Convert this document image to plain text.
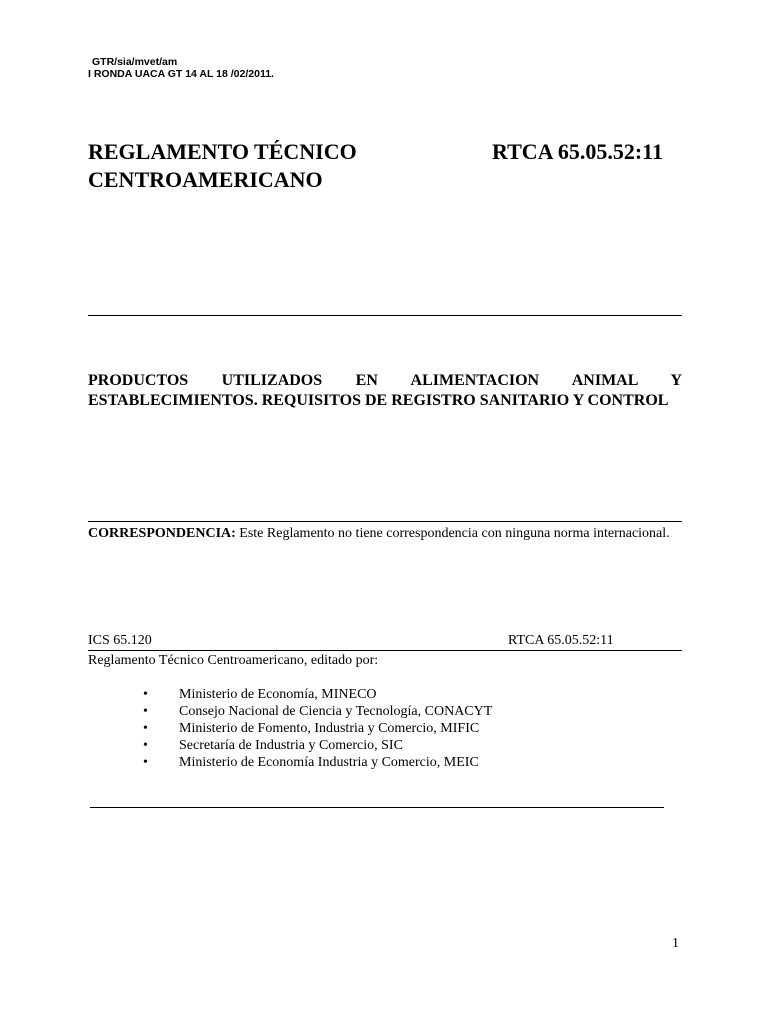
GTR/sia/mvet/am
I RONDA UACA GT 14 AL 18 /02/2011.
REGLAMENTO TÉCNICO
CENTROAMERICANO
RTCA 65.05.52:11
PRODUCTOS UTILIZADOS EN ALIMENTACION ANIMAL Y ESTABLECIMIENTOS. REQUISITOS DE REGISTRO SANITARIO Y CONTROL
CORRESPONDENCIA: Este Reglamento no tiene correspondencia con ninguna norma internacional.
ICS 65.120	RTCA 65.05.52:11
Reglamento Técnico Centroamericano, editado por:
• Ministerio de Economía, MINECO
• Consejo Nacional de Ciencia y Tecnología, CONACYT
• Ministerio de Fomento, Industria y Comercio, MIFIC
• Secretaría de Industria y Comercio, SIC
• Ministerio de Economía Industria y Comercio, MEIC
1
